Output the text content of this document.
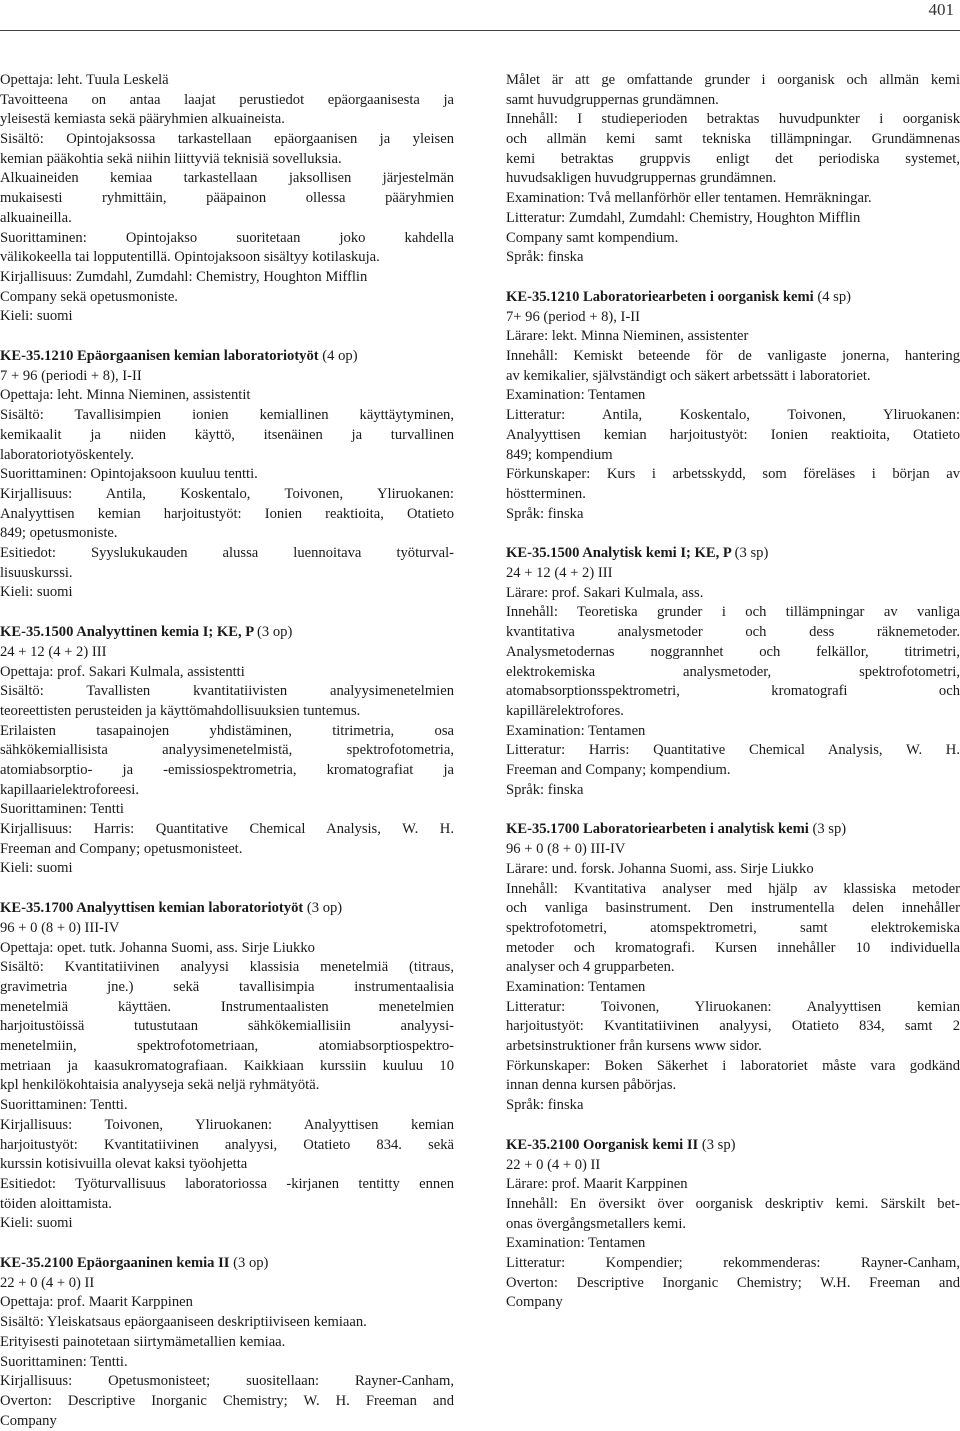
401
Opettaja: leht. Tuula Leskelä
Tavoitteena on antaa laajat perustiedot epäorgaanisesta ja
yleisestä kemiasta sekä pääryhmien alkuaineista.
Sisältö: Opintojaksossa tarkastellaan epäorgaanisen ja yleisen
kemian pääkohtia sekä niihin liittyviä teknisiä sovelluksia.
Alkuaineiden kemiaa tarkastellaan jaksollisen järjestelmän
mukaisesti ryhmittäin, pääpainon ollessa pääryhmien
alkuaineilla.
Suorittaminen: Opintojakso suoritetaan joko kahdella
välikokeella tai lopputentillä. Opintojaksoon sisältyy kotilaskuja.
Kirjallisuus: Zumdahl, Zumdahl: Chemistry, Houghton Mifflin
Company sekä opetusmoniste.
Kieli: suomi
KE-35.1210 Epäorgaanisen kemian laboratoriotyöt (4 op)
7 + 96 (periodi + 8), I-II
Opettaja: leht. Minna Nieminen, assistentit
Sisältö: Tavallisimpien ionien kemiallinen käyttäytyminen,
kemikaalit ja niiden käyttö, itsenäinen ja turvallinen
laboratoriotyöskentely.
Suorittaminen: Opintojaksoon kuuluu tentti.
Kirjallisuus: Antila, Koskentalo, Toivonen, Yliruokanen:
Analyyttisen kemian harjoitustyöt: Ionien reaktioita, Otatieto
849; opetusmoniste.
Esitiedot: Syyslukukauden alussa luennoitava työturval-
lisuuskurssi.
Kieli: suomi
KE-35.1500 Analyyttinen kemia I; KE, P (3 op)
24 + 12 (4 + 2) III
Opettaja: prof. Sakari Kulmala, assistentti
Sisältö: Tavallisten kvantitatiivisten analyysimenetelmien
teoreettisten perusteiden ja käyttömahdollisuuksien tuntemus.
Erilaisten tasapainojen yhdistäminen, titrimetria, osa
sähkökemiallisista analyysimenetelmistä, spektrofotometria,
atomiabsorptio- ja -emissiospektrometria, kromatografiat ja
kapillaarielektroforeesi.
Suorittaminen: Tentti
Kirjallisuus: Harris: Quantitative Chemical Analysis, W. H.
Freeman and Company; opetusmonisteet.
Kieli: suomi
KE-35.1700 Analyyttisen kemian laboratoriotyöt (3 op)
96 + 0 (8 + 0) III-IV
Opettaja: opet. tutk. Johanna Suomi, ass. Sirje Liukko
Sisältö: Kvantitatiivinen analyysi klassisia menetelmiä (titraus,
gravimetria jne.) sekä tavallisimpia instrumentaalisia
menetelmiä käyttäen. Instrumentaalisten menetelmien
harjoitustöissä tutustutaan sähkökemiallisiin analyysi-
menetelmiin, spektrofotometriaan, atomiabsorptiospektro-
metriaan ja kaasukromatografiaan. Kaikkiaan kurssiin kuuluu 10
kpl henkilökohtaisia analyyseja sekä neljä ryhmätyötä.
Suorittaminen: Tentti.
Kirjallisuus: Toivonen, Yliruokanen: Analyyttisen kemian
harjoitustyöt: Kvantitatiivinen analyysi, Otatieto 834. sekä
kurssin kotisivuilla olevat kaksi työohjetta
Esitiedot: Työturvallisuus laboratoriossa -kirjanen tentitty ennen
töiden aloittamista.
Kieli: suomi
KE-35.2100 Epäorgaaninen kemia II (3 op)
22 + 0 (4 + 0) II
Opettaja: prof. Maarit Karppinen
Sisältö: Yleiskatsaus epäorgaaniseen deskriptiiviseen kemiaan.
Erityisesti painotetaan siirtymämetallien kemiaa.
Suorittaminen: Tentti.
Kirjallisuus: Opetusmonisteet; suositellaan: Rayner-Canham,
Overton: Descriptive Inorganic Chemistry; W. H. Freeman and
Company
Målet är att ge omfattande grunder i oorganisk och allmän kemi
samt huvudgruppernas grundämnen.
Innehåll: I studieperioden betraktas huvudpunkter i oorganisk
och allmän kemi samt tekniska tillämpningar. Grundämnenas
kemi betraktas gruppvis enligt det periodiska systemet,
huvudsakligen huvudgruppernas grundämnen.
Examination: Två mellanförhör eller tentamen. Hemräkningar.
Litteratur: Zumdahl, Zumdahl: Chemistry, Houghton Mifflin
Company samt kompendium.
Språk: finska
KE-35.1210 Laboratoriearbeten i oorganisk kemi (4 sp)
7+ 96 (period + 8), I-II
Lärare: lekt. Minna Nieminen, assistenter
Innehåll: Kemiskt beteende för de vanligaste jonerna, hantering
av kemikalier, självständigt och säkert arbetssätt i laboratoriet.
Examination: Tentamen
Litteratur: Antila, Koskentalo, Toivonen, Yliruokanen:
Analyyttisen kemian harjoitustyöt: Ionien reaktioita, Otatieto
849; kompendium
Förkunskaper: Kurs i arbetsskydd, som föreläses i början av
höstterminen.
Språk: finska
KE-35.1500 Analytisk kemi I; KE, P (3 sp)
24 + 12 (4 + 2) III
Lärare: prof. Sakari Kulmala, ass.
Innehåll: Teoretiska grunder i och tillämpningar av vanliga
kvantitativa analysmetoder och dess räknemetoder.
Analysmetodernas noggrannhet och felkällor, titrimetri,
elektrokemiska analysmetoder, spektrofotometri,
atomabsorptionsspektrometri, kromatografi och
kapillärelektrofores.
Examination: Tentamen
Litteratur: Harris: Quantitative Chemical Analysis, W. H.
Freeman and Company; kompendium.
Språk: finska
KE-35.1700 Laboratoriearbeten i analytisk kemi (3 sp)
96 + 0 (8 + 0) III-IV
Lärare: und. forsk. Johanna Suomi, ass. Sirje Liukko
Innehåll: Kvantitativa analyser med hjälp av klassiska metoder
och vanliga basinstrument. Den instrumentella delen innehåller
spektrofotometri, atomspektrometri, samt elektrokemiska
metoder och kromatografi. Kursen innehåller 10 individuella
analyser och 4 grupparbeten.
Examination: Tentamen
Litteratur: Toivonen, Yliruokanen: Analyyttisen kemian
harjoitustyöt: Kvantitatiivinen analyysi, Otatieto 834, samt 2
arbetsinstruktioner från kursens www sidor.
Förkunskaper: Boken Säkerhet i laboratoriet måste vara godkänd
innan denna kursen påbörjas.
Språk: finska
KE-35.2100 Oorganisk kemi II (3 sp)
22 + 0 (4 + 0) II
Lärare: prof. Maarit Karppinen
Innehåll: En översikt över oorganisk deskriptiv kemi. Särskilt bet-
onas övergångsmetallers kemi.
Examination: Tentamen
Litteratur: Kompendier; rekommenderas: Rayner-Canham,
Overton: Descriptive Inorganic Chemistry; W.H. Freeman and
Company
